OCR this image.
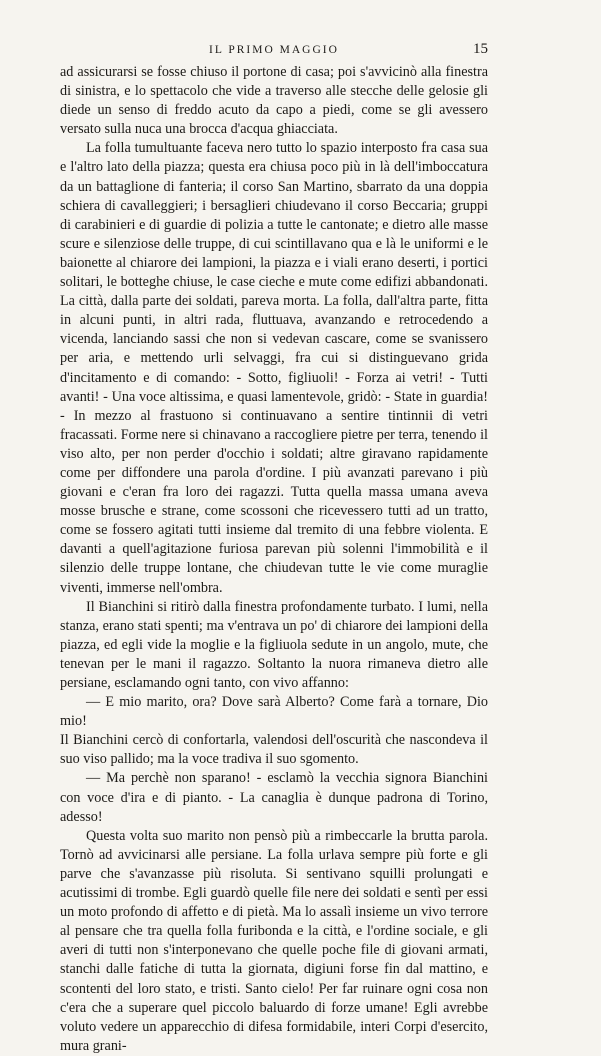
IL PRIMO MAGGIO	15

ad assicurarsi se fosse chiuso il portone di casa; poi s'avvicinò alla finestra di sinistra, e lo spettacolo che vide a traverso alle stecche delle gelosie gli diede un senso di freddo acuto da capo a piedi, come se gli avessero versato sulla nuca una brocca d'acqua ghiacciata.

La folla tumultuante faceva nero tutto lo spazio interposto fra casa sua e l'altro lato della piazza; questa era chiusa poco più in là dell'imboccatura da un battaglione di fanteria; il corso San Martino, sbarrato da una doppia schiera di cavalleggieri; i bersaglieri chiudevano il corso Beccaria; gruppi di carabinieri e di guardie di polizia a tutte le cantonate; e dietro alle masse scure e silenziose delle truppe, di cui scintillavano qua e là le uniformi e le baionette al chiarore dei lampioni, la piazza e i viali erano deserti, i portici solitari, le botteghe chiuse, le case cieche e mute come edifizi abbandonati. La città, dalla parte dei soldati, pareva morta. La folla, dall'altra parte, fitta in alcuni punti, in altri rada, fluttuava, avanzando e retrocedendo a vicenda, lanciando sassi che non si vedevan cascare, come se svanissero per aria, e mettendo urli selvaggi, fra cui si distinguevano grida d'incitamento e di comando: - Sotto, figliuoli! - Forza ai vetri! - Tutti avanti! - Una voce altissima, e quasi lamentevole, gridò: - State in guardia! - In mezzo al frastuono si continuavano a sentire tintinnii di vetri fracassati. Forme nere si chinavano a raccogliere pietre per terra, tenendo il viso alto, per non perder d'occhio i soldati; altre giravano rapidamente come per diffondere una parola d'ordine. I più avanzati parevano i più giovani e c'eran fra loro dei ragazzi. Tutta quella massa umana aveva mosse brusche e strane, come scossoni che ricevessero tutti ad un tratto, come se fossero agitati tutti insieme dal tremito di una febbre violenta. E davanti a quell'agitazione furiosa parevan più solenni l'immobilità e il silenzio delle truppe lontane, che chiudevan tutte le vie come muraglie viventi, immerse nell'ombra.

Il Bianchini si ritirò dalla finestra profondamente turbato. I lumi, nella stanza, erano stati spenti; ma v'entrava un po' di chiarore dei lampioni della piazza, ed egli vide la moglie e la figliuola sedute in un angolo, mute, che tenevan per le mani il ragazzo. Soltanto la nuora rimaneva dietro alle persiane, esclamando ogni tanto, con vivo affanno:

— E mio marito, ora? Dove sarà Alberto? Come farà a tornare, Dio mio!

Il Bianchini cercò di confortarla, valendosi dell'oscurità che nascondeva il suo viso pallido; ma la voce tradiva il suo sgomento.

— Ma perchè non sparano! - esclamò la vecchia signora Bianchini con voce d'ira e di pianto. - La canaglia è dunque padrona di Torino, adesso!

Questa volta suo marito non pensò più a rimbeccarle la brutta parola. Tornò ad avvicinarsi alle persiane. La folla urlava sempre più forte e gli parve che s'avanzasse più risoluta. Si sentivano squilli prolungati e acutissimi di trombe. Egli guardò quelle file nere dei soldati e sentì per essi un moto profondo di affetto e di pietà. Ma lo assalì insieme un vivo terrore al pensare che tra quella folla furibonda e la città, e l'ordine sociale, e gli averi di tutti non s'interponevano che quelle poche file di giovani armati, stanchi dalle fatiche di tutta la giornata, digiuni forse fin dal mattino, e scontenti del loro stato, e tristi. Santo cielo! Per far ruinare ogni cosa non c'era che a superare quel piccolo baluardo di forze umane! Egli avrebbe voluto vedere un apparecchio di difesa formidabile, interi Corpi d'esercito, mura grani-
